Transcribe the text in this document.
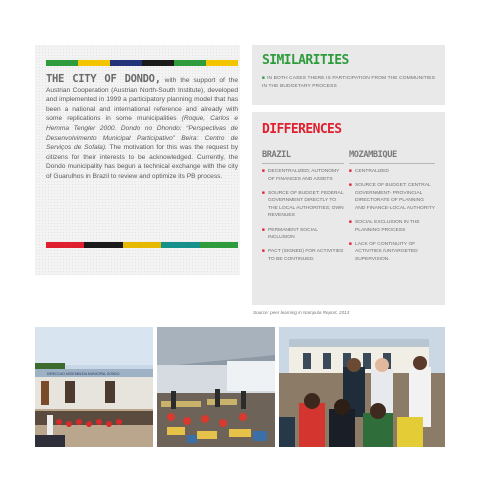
THE CITY OF DONDO, with the support of the Austrian Cooperation (Austrian North-South Institute), developed and implemented in 1999 a participatory planning model that has been a national and international reference and already with some replications in some municipalities (Roque, Carlos e Hemma Tengler 2000. Dondo no Dhondo: “Perspectivas de Desenvolvimento Municipal Participativo” Beira: Centro de Serviços de Sofala). The motivation for this was the request by citizens for their interests to be acknowledged. Currently, the Dondo municipality has begun a technical exchange with the city of Guarulhos in Brazil to review and optimize its PB process.
SIMILARITIES
■ IN BOTH CASES THERE IS PARTICIPATION FROM THE COMMUNITIES IN THE BUDGETARY PROCESS
DIFFERENCES
BRAZIL	MOZAMBIQUE
■ DECENTRALIZED; AUTONOMY OF FINANCES AND ASSETS
■ SOURCE OF BUDGET: FEDERAL GOVERNMENT DIRECTLY TO THE LOCAL AUTHORITIES; OWN REVENUES
■ PERMANENT SOCIAL INCLUSION
■ PACT (SIGNED) FOR ACTIVITIES TO BE CONTINUED.
■ CENTRALIZED
■ SOURCE OF BUDGET: CENTRAL GOVERNMENT- PROVINCIAL DIRECTORATE OF PLANNING AND FINANCE-LOCAL AUTHORITY
■ SOCIAL EXCLUSION IN THE PLANNING PROCESS
■ LACK OF CONTINUITY OF ACTIVITIES /UNTARGETED SUPERVISION.
Source: peer learning in Nampula Report, 2013
DIRECCAO ASSEMBLEIA MUNICIPAL DONDO
